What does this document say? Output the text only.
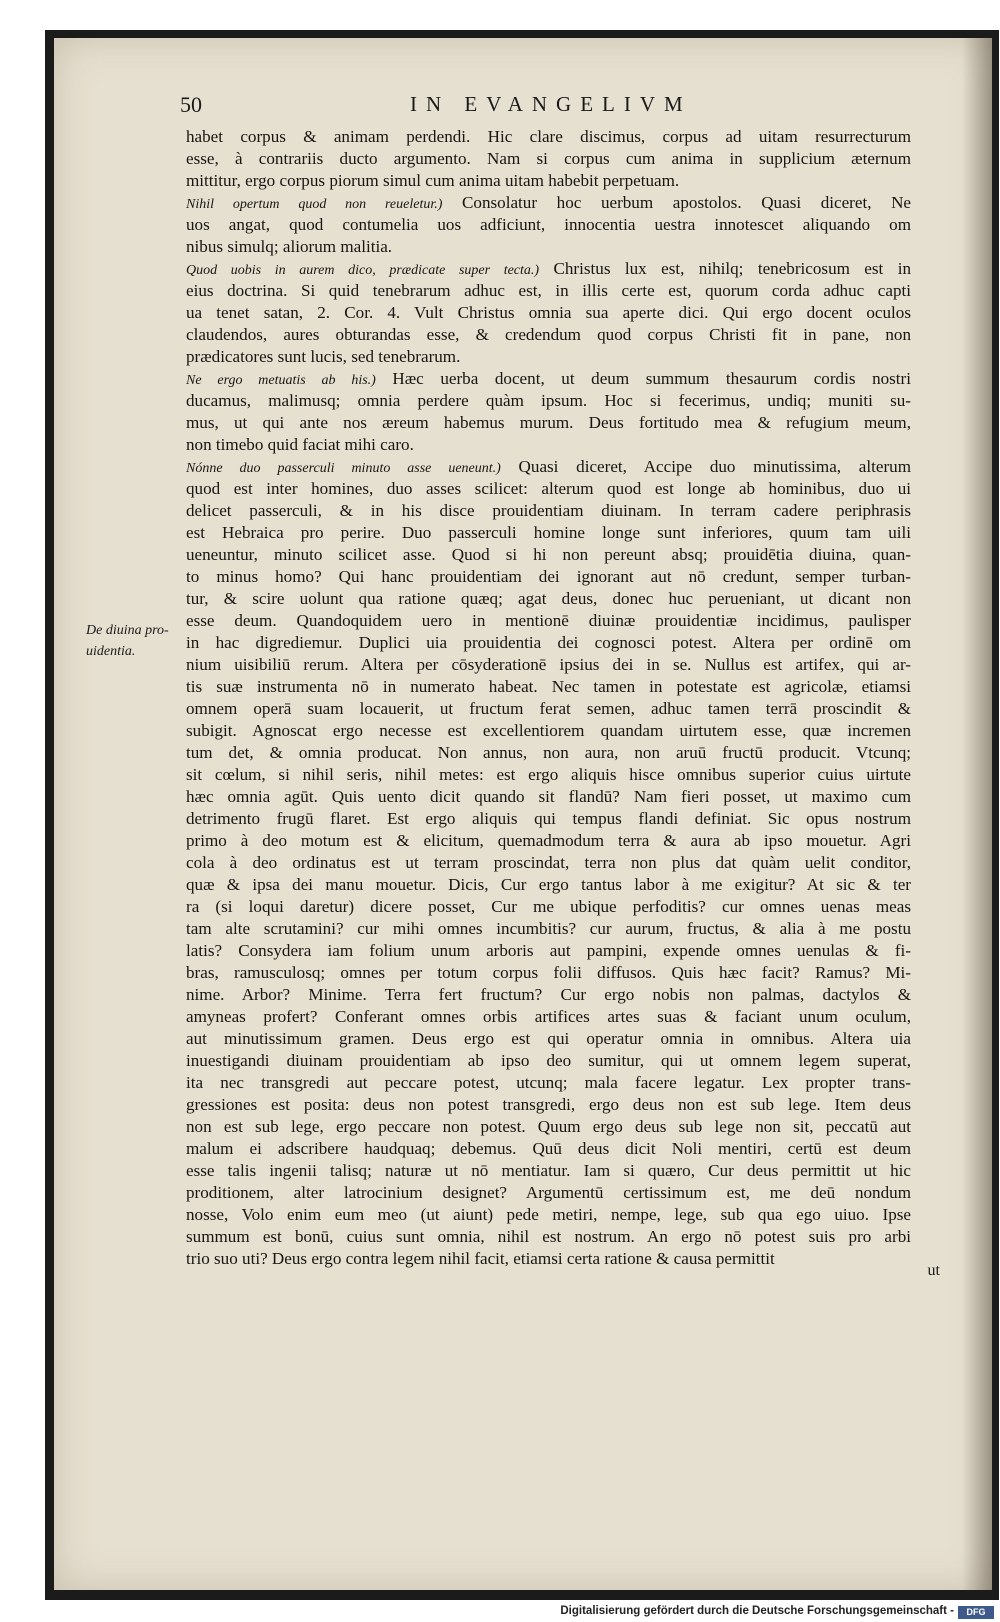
50	IN EVANGELIVM
De diuina pro-
uidentia.
habet corpus & animam perdendi. Hic clare discimus, corpus ad uitam resurrecturum
esse, à contrariis ducto argumento. Nam si corpus cum anima in supplicium æternum
mittitur, ergo corpus piorum simul cum anima uitam habebit perpetuam.
Nihil opertum quod non reueletur.) Consolatur hoc uerbum apostolos. Quasi diceret, Ne
uos angat, quod contumelia uos adficiunt, innocentia uestra innotescet aliquando om
nibus simulq; aliorum malitia.
Quod uobis in aurem dico, prædicate super tecta.) Christus lux est, nihilq; tenebricosum est in
eius doctrina. Si quid tenebrarum adhuc est, in illis certe est, quorum corda adhuc capti
ua tenet satan, 2. Cor. 4. Vult Christus omnia sua aperte dici. Qui ergo docent oculos
claudendos, aures obturandas esse, & credendum quod corpus Christi fit in pane, non
prædicatores sunt lucis, sed tenebrarum.
Ne ergo metuatis ab his.) Hæc uerba docent, ut deum summum thesaurum cordis nostri
ducamus, malimusq; omnia perdere quàm ipsum. Hoc si fecerimus, undiq; muniti su-
mus, ut qui ante nos æreum habemus murum. Deus fortitudo mea & refugium meum,
non timebo quid faciat mihi caro.
Nónne duo passerculi minuto asse ueneunt.) Quasi diceret, Accipe duo minutissima, alterum
quod est inter homines, duo asses scilicet: alterum quod est longe ab hominibus, duo ui
delicet passerculi, & in his disce prouidentiam diuinam. In terram cadere periphrasis
est Hebraica pro perire. Duo passerculi homine longe sunt inferiores, quum tam uili
ueneuntur, minuto scilicet asse. Quod si hi non pereunt absq; prouidētia diuina, quan-
to minus homo? Qui hanc prouidentiam dei ignorant aut nō credunt, semper turban-
tur, & scire uolunt qua ratione quæq; agat deus, donec huc perueniant, ut dicant non
esse deum. Quandoquidem uero in mentionē diuinæ prouidentiæ incidimus, paulisper
in hac digrediemur. Duplici uia prouidentia dei cognosci potest. Altera per ordinē om
nium uisibiliū rerum. Altera per cōsyderationē ipsius dei in se. Nullus est artifex, qui ar-
tis suæ instrumenta nō in numerato habeat. Nec tamen in potestate est agricolæ, etiamsi
omnem operā suam locauerit, ut fructum ferat semen, adhuc tamen terrā proscindit &
subigit. Agnoscat ergo necesse est excellentiorem quandam uirtutem esse, quæ incremen
tum det, & omnia producat. Non annus, non aura, non aruū fructū producit. Vtcunq;
sit cœlum, si nihil seris, nihil metes: est ergo aliquis hisce omnibus superior cuius uirtute
hæc omnia agūt. Quis uento dicit quando sit flandū? Nam fieri posset, ut maximo cum
detrimento frugū flaret. Est ergo aliquis qui tempus flandi definiat. Sic opus nostrum
primo à deo motum est & elicitum, quemadmodum terra & aura ab ipso mouetur. Agri
cola à deo ordinatus est ut terram proscindat, terra non plus dat quàm uelit conditor,
quæ & ipsa dei manu mouetur. Dicis, Cur ergo tantus labor à me exigitur? At sic & ter
ra (si loqui daretur) dicere posset, Cur me ubique perfoditis? cur omnes uenas meas
tam alte scrutamini? cur mihi omnes incumbitis? cur aurum, fructus, & alia à me postu
latis? Consydera iam folium unum arboris aut pampini, expende omnes uenulas & fi-
bras, ramusculosq; omnes per totum corpus folii diffusos. Quis hæc facit? Ramus? Mi-
nime. Arbor? Minime. Terra fert fructum? Cur ergo nobis non palmas, dactylos &
amyneas profert? Conferant omnes orbis artifices artes suas & faciant unum oculum,
aut minutissimum gramen. Deus ergo est qui operatur omnia in omnibus. Altera uia
inuestigandi diuinam prouidentiam ab ipso deo sumitur, qui ut omnem legem superat,
ita nec transgredi aut peccare potest, utcunq; mala facere legatur. Lex propter trans-
gressiones est posita: deus non potest transgredi, ergo deus non est sub lege. Item deus
non est sub lege, ergo peccare non potest. Quum ergo deus sub lege non sit, peccatū aut
malum ei adscribere haudquaq; debemus. Quū deus dicit Noli mentiri, certū est deum
esse talis ingenii talisq; naturæ ut nō mentiatur. Iam si quæro, Cur deus permittit ut hic
proditionem, alter latrocinium designet? Argumentū certissimum est, me deū nondum
nosse, Volo enim eum meo (ut aiunt) pede metiri, nempe, lege, sub qua ego uiuo. Ipse
summum est bonū, cuius sunt omnia, nihil est nostrum. An ergo nō potest suis pro arbi
trio suo uti? Deus ergo contra legem nihil facit, etiamsi certa ratione & causa permittit
ut
Digitalisierung gefördert durch die Deutsche Forschungsgemeinschaft -	DFG
